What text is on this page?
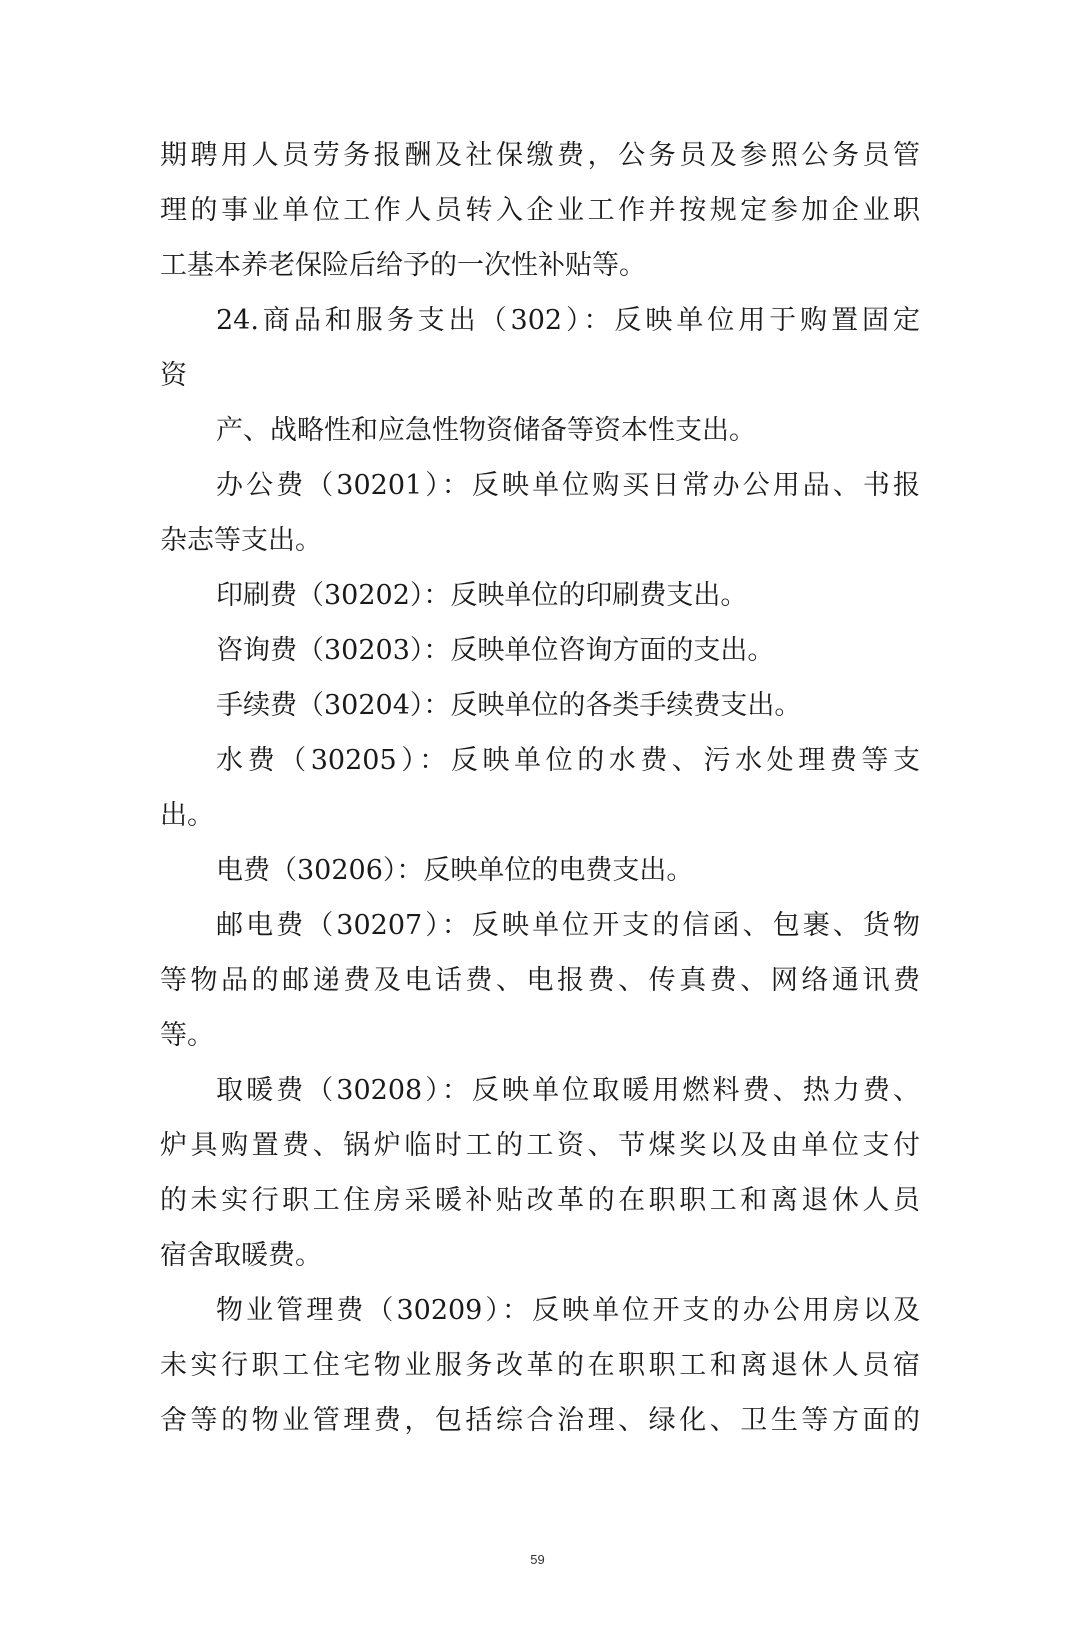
期聘用人员劳务报酬及社保缴费，公务员及参照公务员管
理的事业单位工作人员转入企业工作并按规定参加企业职
工基本养老保险后给予的一次性补贴等。
24.商品和服务支出（302）：反映单位用于购置固定
资
产、战略性和应急性物资储备等资本性支出。
办公费（30201）：反映单位购买日常办公用品、书报
杂志等支出。
印刷费（30202）：反映单位的印刷费支出。
咨询费（30203）：反映单位咨询方面的支出。
手续费（30204）：反映单位的各类手续费支出。
水费（30205）：反映单位的水费、污水处理费等支
出。
电费（30206）：反映单位的电费支出。
邮电费（30207）：反映单位开支的信函、包裹、货物
等物品的邮递费及电话费、电报费、传真费、网络通讯费
等。
取暖费（30208）：反映单位取暖用燃料费、热力费、
炉具购置费、锅炉临时工的工资、节煤奖以及由单位支付
的未实行职工住房采暖补贴改革的在职职工和离退休人员
宿舍取暖费。
物业管理费（30209）：反映单位开支的办公用房以及
未实行职工住宅物业服务改革的在职职工和离退休人员宿
舍等的物业管理费，包括综合治理、绿化、卫生等方面的
59
